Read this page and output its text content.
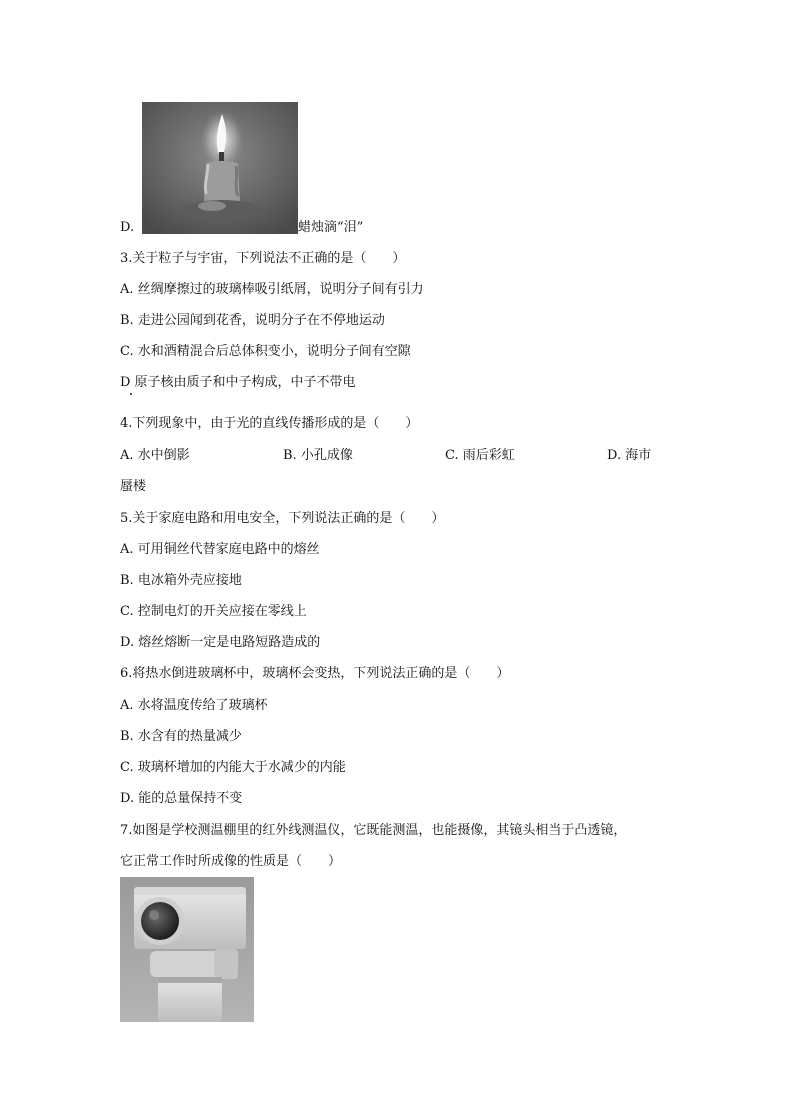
D.	蜡烛滴“泪”
3.关于粒子与宇宙，下列说法不正确的是（　　）
A. 丝绸摩擦过的玻璃棒吸引纸屑，说明分子间有引力
B. 走进公园闻到花香，说明分子在不停地运动
C. 水和酒精混合后总体积变小，说明分子间有空隙
D 原子核由质子和中子构成，中子不带电
4.下列现象中，由于光的直线传播形成的是（　　）
A. 水中倒影	B. 小孔成像	C. 雨后彩虹	D. 海市
蜃楼
5.关于家庭电路和用电安全，下列说法正确的是（　　）
A. 可用铜丝代替家庭电路中的熔丝
B. 电冰箱外壳应接地
C. 控制电灯的开关应接在零线上
D. 熔丝熔断一定是电路短路造成的
6.将热水倒进玻璃杯中，玻璃杯会变热，下列说法正确的是（　　）
A. 水将温度传给了玻璃杯
B. 水含有的热量减少
C. 玻璃杯增加的内能大于水减少的内能
D. 能的总量保持不变
7.如图是学校测温棚里的红外线测温仪，它既能测温，也能摄像，其镜头相当于凸透镜，
它正常工作时所成像的性质是（　　）
